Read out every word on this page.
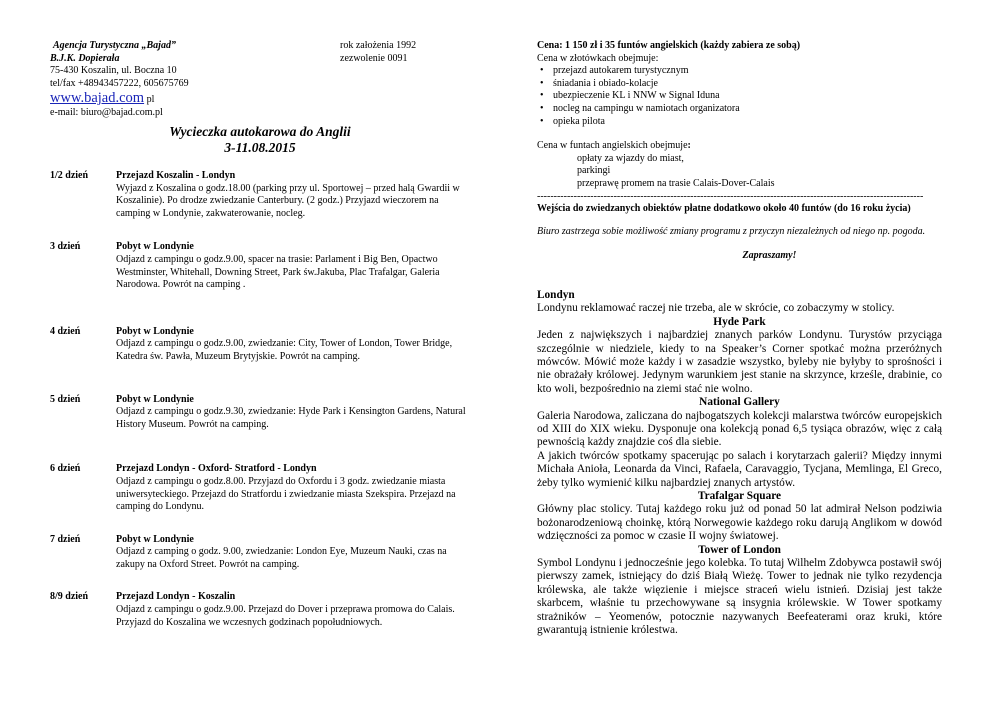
Agencja Turystyczna „Bajad”
B.J.K. Dopierała
75-430 Koszalin, ul. Boczna 10
tel/fax +48943457222, 605675769
www.bajad.com pl
e-mail: biuro@bajad.com.pl
rok założenia 1992
zezwolenie 0091
Wycieczka autokarowa do Anglii
3-11.08.2015
1/2 dzień	Przejazd Koszalin - Londyn
Wyjazd z Koszalina o godz.18.00 (parking przy ul. Sportowej – przed halą Gwardii w Koszalinie). Po drodze zwiedzanie Canterbury. (2 godz.) Przyjazd wieczorem na camping w Londynie, zakwaterowanie, nocleg.
3 dzień	Pobyt w Londynie
Odjazd z campingu o godz.9.00, spacer na trasie: Parlament i Big Ben, Opactwo Westminster, Whitehall, Downing Street, Park św.Jakuba, Plac Trafalgar, Galeria Narodowa. Powrót na camping .
4 dzień	Pobyt w Londynie
Odjazd z campingu o godz.9.00, zwiedzanie: City, Tower of London, Tower Bridge, Katedra św. Pawła, Muzeum Brytyjskie. Powrót na camping.
5 dzień	Pobyt w Londynie
Odjazd z campingu o godz.9.30, zwiedzanie: Hyde Park i Kensington Gardens, Natural History Museum. Powrót na camping.
6 dzień	Przejazd Londyn - Oxford- Stratford - Londyn
Odjazd z campingu o godz.8.00. Przyjazd do Oxfordu i 3 godz. zwiedzanie miasta uniwersyteckiego. Przejazd do Stratfordu i zwiedzanie miasta Szekspira. Przejazd na camping do Londynu.
7 dzień	Pobyt w Londynie
Odjazd z camping o godz. 9.00, zwiedzanie: London Eye, Muzeum Nauki, czas na zakupy na Oxford Street. Powrót na camping.
8/9 dzień	Przejazd Londyn - Koszalin
Odjazd z campingu o godz.9.00. Przejazd do Dover i przeprawa promowa do Calais. Przyjazd do Koszalina we wczesnych godzinach popołudniowych.
Cena: 1 150 zł i 35 funtów angielskich (każdy zabiera ze sobą)
Cena w złotówkach obejmuje:
• przejazd autokarem turystycznym
• śniadania i obiado-kolacje
• ubezpieczenie KL i NNW w Signal Iduna
• nocleg na campingu w namiotach organizatora
• opieka pilota
Cena w funtach angielskich obejmuje:
opłaty za wjazdy do miast,
parkingi
przeprawę promem na trasie Calais-Dover-Calais
--------------------------------------------------------------------------------------------------------------------
Wejścia do zwiedzanych obiektów płatne dodatkowo około 40 funtów (do 16 roku życia)
Biuro zastrzega sobie możliwość zmiany programu z przyczyn niezależnych od niego np. pogoda.
Zapraszamy!

Londyn

Londynu reklamować raczej nie trzeba, ale w skrócie, co zobaczymy w stolicy.

Hyde Park

Jeden z największych i najbardziej znanych parków Londynu. Turystów przyciąga szczególnie w niedziele, kiedy to na Speaker’s Corner spotkać można przeróżnych mówców. Mówić może każdy i w zasadzie wszystko, byleby nie byłyby to sprośności i nie obrażały królowej. Jedynym warunkiem jest stanie na skrzynce, krześle, drabinie, co kto woli, bezpośrednio na ziemi stać nie wolno.

National Gallery

Galeria Narodowa, zaliczana do najbogatszych kolekcji malarstwa twórców europejskich od XIII do XIX wieku. Dysponuje ona kolekcją ponad 6,5 tysiąca obrazów, więc z całą pewnością każdy znajdzie coś dla siebie.

A jakich twórców spotkamy spacerując po salach i korytarzach galerii? Między innymi Michała Anioła, Leonarda da Vinci, Rafaela, Caravaggio, Tycjana, Memlinga, El Greco, żeby tylko wymienić kilku najbardziej znanych artystów.

Trafalgar Square

Główny plac stolicy. Tutaj każdego roku już od ponad 50 lat admirał Nelson podziwia bożonarodzeniową choinkę, którą Norwegowie każdego roku darują Anglikom w dowód wdzięczności za pomoc w czasie II wojny światowej.

Tower of London

Symbol Londynu i jednocześnie jego kolebka. To tutaj Wilhelm Zdobywca postawił swój pierwszy zamek, istniejący do dziś Białą Wieżę. Tower to jednak nie tylko rezydencja królewska, ale także więzienie i miejsce straceń wielu istnień. Dzisiaj jest także skarbcem, właśnie tu przechowywane są insygnia królewskie. W Tower spotkamy strażników – Yeomenów, potocznie nazywanych Beefeaterami oraz kruki, które gwarantują istnienie królestwa.
